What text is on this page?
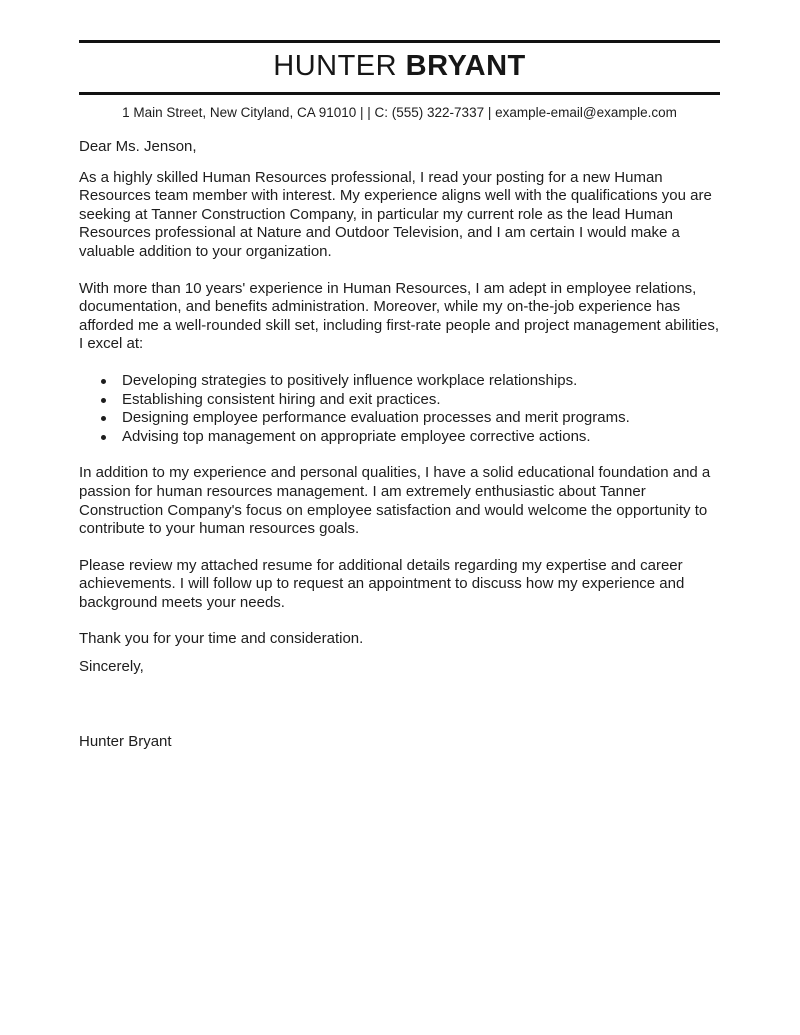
HUNTER BRYANT
1 Main Street, New Cityland, CA 91010 | | C: (555) 322-7337 | example-email@example.com

Dear Ms. Jenson,

As a highly skilled Human Resources professional, I read your posting for a new Human Resources team member with interest. My experience aligns well with the qualifications you are seeking at Tanner Construction Company, in particular my current role as the lead Human Resources professional at Nature and Outdoor Television, and I am certain I would make a valuable addition to your organization.

With more than 10 years' experience in Human Resources, I am adept in employee relations, documentation, and benefits administration. Moreover, while my on-the-job experience has afforded me a well-rounded skill set, including first-rate people and project management abilities, I excel at:

Developing strategies to positively influence workplace relationships.
Establishing consistent hiring and exit practices.
Designing employee performance evaluation processes and merit programs.
Advising top management on appropriate employee corrective actions.

In addition to my experience and personal qualities, I have a solid educational foundation and a passion for human resources management. I am extremely enthusiastic about Tanner Construction Company's focus on employee satisfaction and would welcome the opportunity to contribute to your human resources goals.

Please review my attached resume for additional details regarding my expertise and career achievements. I will follow up to request an appointment to discuss how my experience and background meets your needs.

Thank you for your time and consideration.

Sincerely,

Hunter Bryant
